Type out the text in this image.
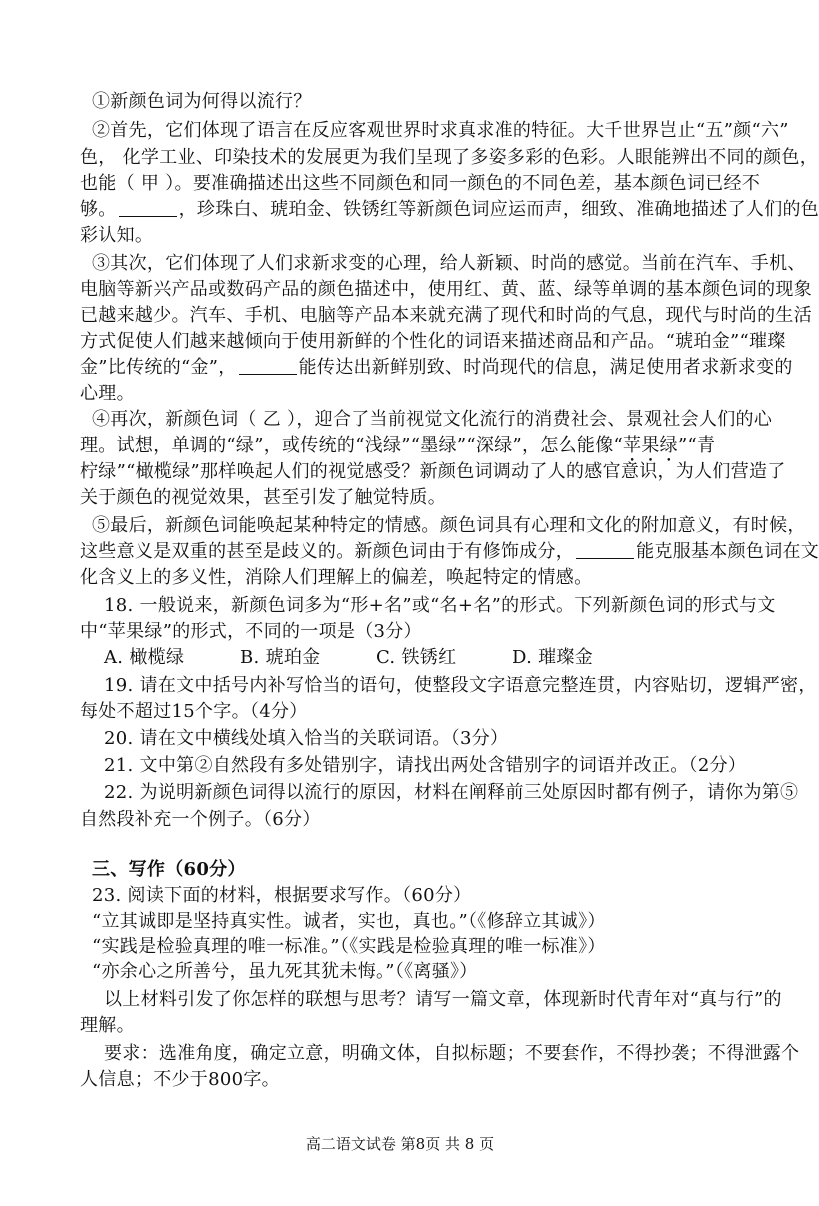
①新颜色词为何得以流行？
②首先，它们体现了语言在反应客观世界时求真求准的特征。大千世界岂止“五”颜“六”
色， 化学工业、印染技术的发展更为我们呈现了多姿多彩的色彩。人眼能辨出不同的颜色，
也能（ 甲 ）。要准确描述出这些不同颜色和同一颜色的不同色差，基本颜色词已经不
够。	，珍珠白、琥珀金、铁锈红等新颜色词应运而声，细致、准确地描述了人们的色
彩认知。
③其次，它们体现了人们求新求变的心理，给人新颖、时尚的感觉。当前在汽车、手机、
电脑等新兴产品或数码产品的颜色描述中，使用红、黄、蓝、绿等单调的基本颜色词的现象
已越来越少。汽车、手机、电脑等产品本来就充满了现代和时尚的气息，现代与时尚的生活
方式促使人们越来越倾向于使用新鲜的个性化的词语来描述商品和产品。“琥珀金”“璀璨
金”比传统的“金”，	能传达出新鲜别致、时尚现代的信息，满足使用者求新求变的
心理。
④再次，新颜色词（ 乙 ），迎合了当前视觉文化流行的消费社会、景观社会人们的心
理。试想，单调的“绿”，或传统的“浅绿”“墨绿”“深绿”，怎么能像“苹果绿”“青
柠绿”“橄榄绿”那样唤起人们的视觉感受？新颜色词调动了人的感官意识，为人们营造了
关于颜色的视觉效果，甚至引发了触觉特质。
⑤最后，新颜色词能唤起某种特定的情感。颜色词具有心理和文化的附加意义，有时候，
这些意义是双重的甚至是歧义的。新颜色词由于有修饰成分，	能克服基本颜色词在文
化含义上的多义性，消除人们理解上的偏差，唤起特定的情感。
18. 一般说来，新颜色词多为“形+名”或“名+名”的形式。下列新颜色词的形式与文
中“苹果绿”的形式，不同的一项是（3分）
A. 橄榄绿	B. 琥珀金	C. 铁锈红	D. 璀璨金
19. 请在文中括号内补写恰当的语句，使整段文字语意完整连贯，内容贴切，逻辑严密，
每处不超过15个字。（4分）
20. 请在文中横线处填入恰当的关联词语。（3分）
21. 文中第②自然段有多处错别字，请找出两处含错别字的词语并改正。（2分）
22. 为说明新颜色词得以流行的原因，材料在阐释前三处原因时都有例子，请你为第⑤
自然段补充一个例子。（6分）
三、写作（60分）
23. 阅读下面的材料，根据要求写作。（60分）
“立其诚即是坚持真实性。诚者，实也，真也。”（《修辞立其诚》）
“实践是检验真理的唯一标准。”（《实践是检验真理的唯一标准》）
“亦余心之所善兮，虽九死其犹未悔。”（《离骚》）
以上材料引发了你怎样的联想与思考？请写一篇文章，体现新时代青年对“真与行”的
理解。
要求：选准角度，确定立意，明确文体，自拟标题；不要套作，不得抄袭；不得泄露个
人信息；不少于800字。
高二语文试卷 第8页 共 8 页
